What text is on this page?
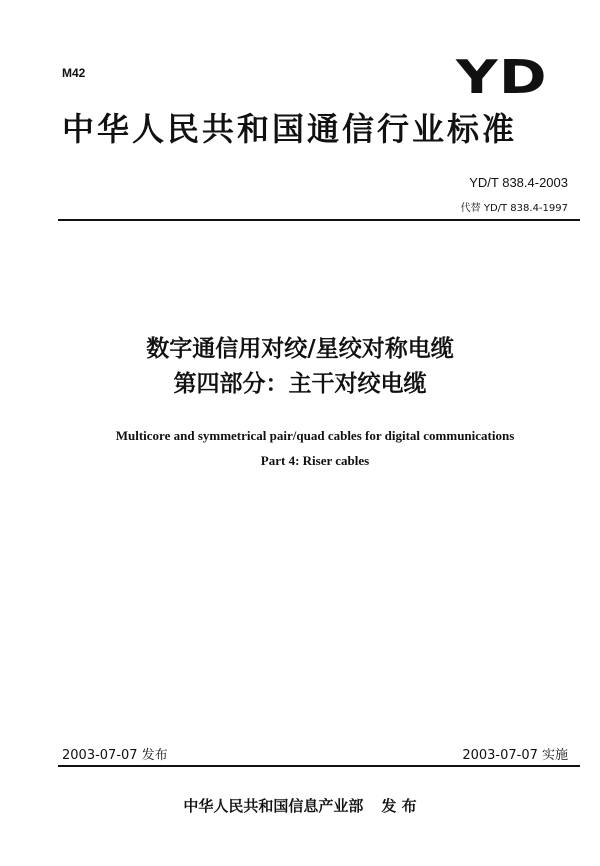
M42	YD
中华人民共和国通信行业标准
YD/T 838.4-2003
代替 YD/T 838.4-1997
数字通信用对绞/星绞对称电缆
第四部分：主干对绞电缆
Multicore and symmetrical pair/quad cables for digital communications
Part 4: Riser cables
2003-07-07 发布	2003-07-07 实施
中华人民共和国信息产业部 发 布
